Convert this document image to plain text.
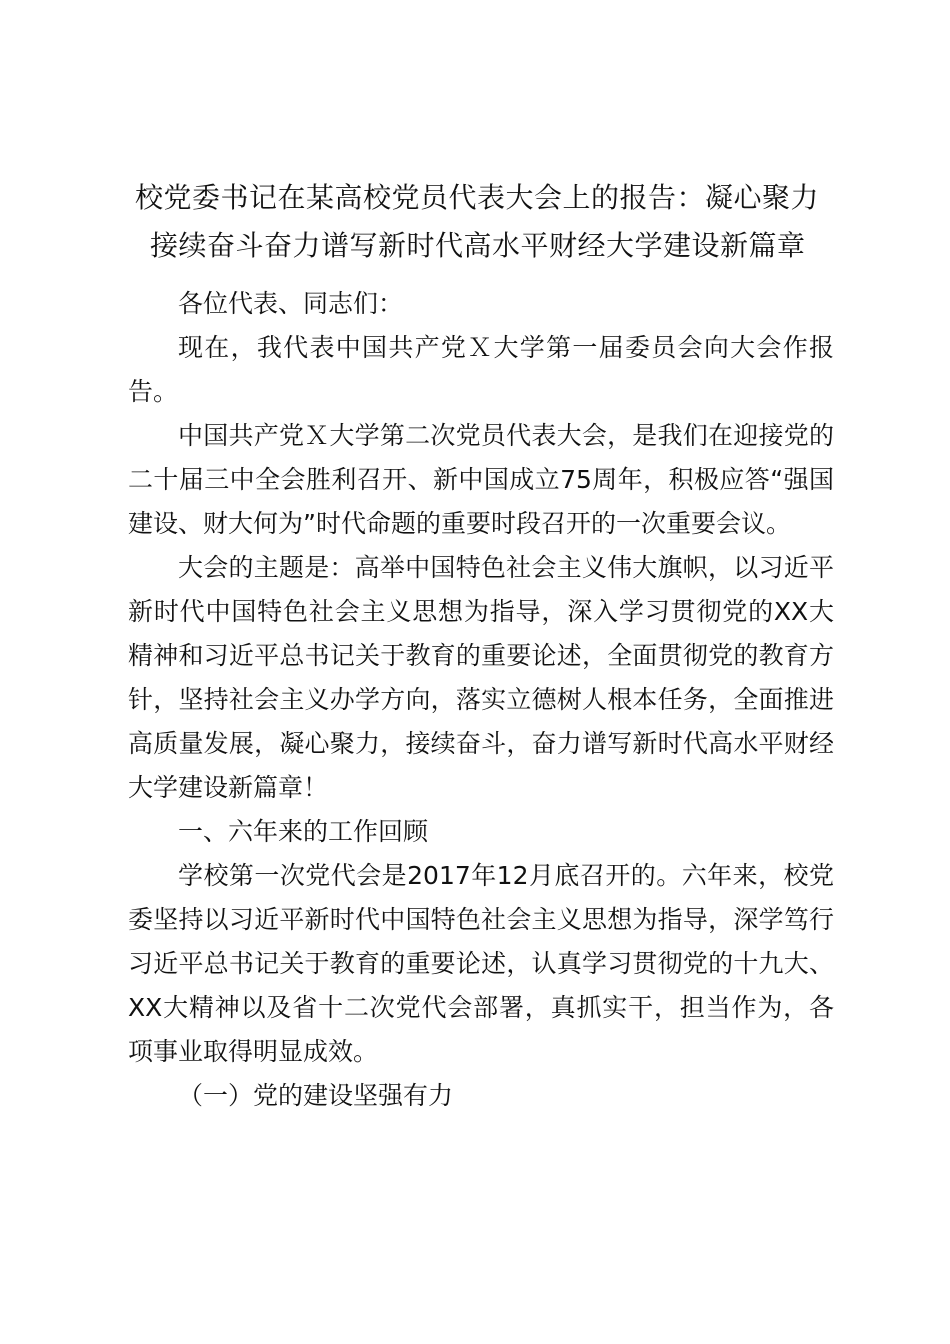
校党委书记在某高校党员代表大会上的报告：凝心聚力
接续奋斗奋力谱写新时代高水平财经大学建设新篇章

各位代表、同志们：

现在，我代表中国共产党Ｘ大学第一届委员会向大会作报告。

中国共产党Ｘ大学第二次党员代表大会，是我们在迎接党的二十届三中全会胜利召开、新中国成立75周年，积极应答“强国建设、财大何为”时代命题的重要时段召开的一次重要会议。

大会的主题是：高举中国特色社会主义伟大旗帜，以习近平新时代中国特色社会主义思想为指导，深入学习贯彻党的XX大精神和习近平总书记关于教育的重要论述，全面贯彻党的教育方针，坚持社会主义办学方向，落实立德树人根本任务，全面推进高质量发展，凝心聚力，接续奋斗，奋力谱写新时代高水平财经大学建设新篇章！

一、六年来的工作回顾

学校第一次党代会是2017年12月底召开的。六年来，校党委坚持以习近平新时代中国特色社会主义思想为指导，深学笃行习近平总书记关于教育的重要论述，认真学习贯彻党的十九大、XX大精神以及省十二次党代会部署，真抓实干，担当作为，各项事业取得明显成效。

（一）党的建设坚强有力
